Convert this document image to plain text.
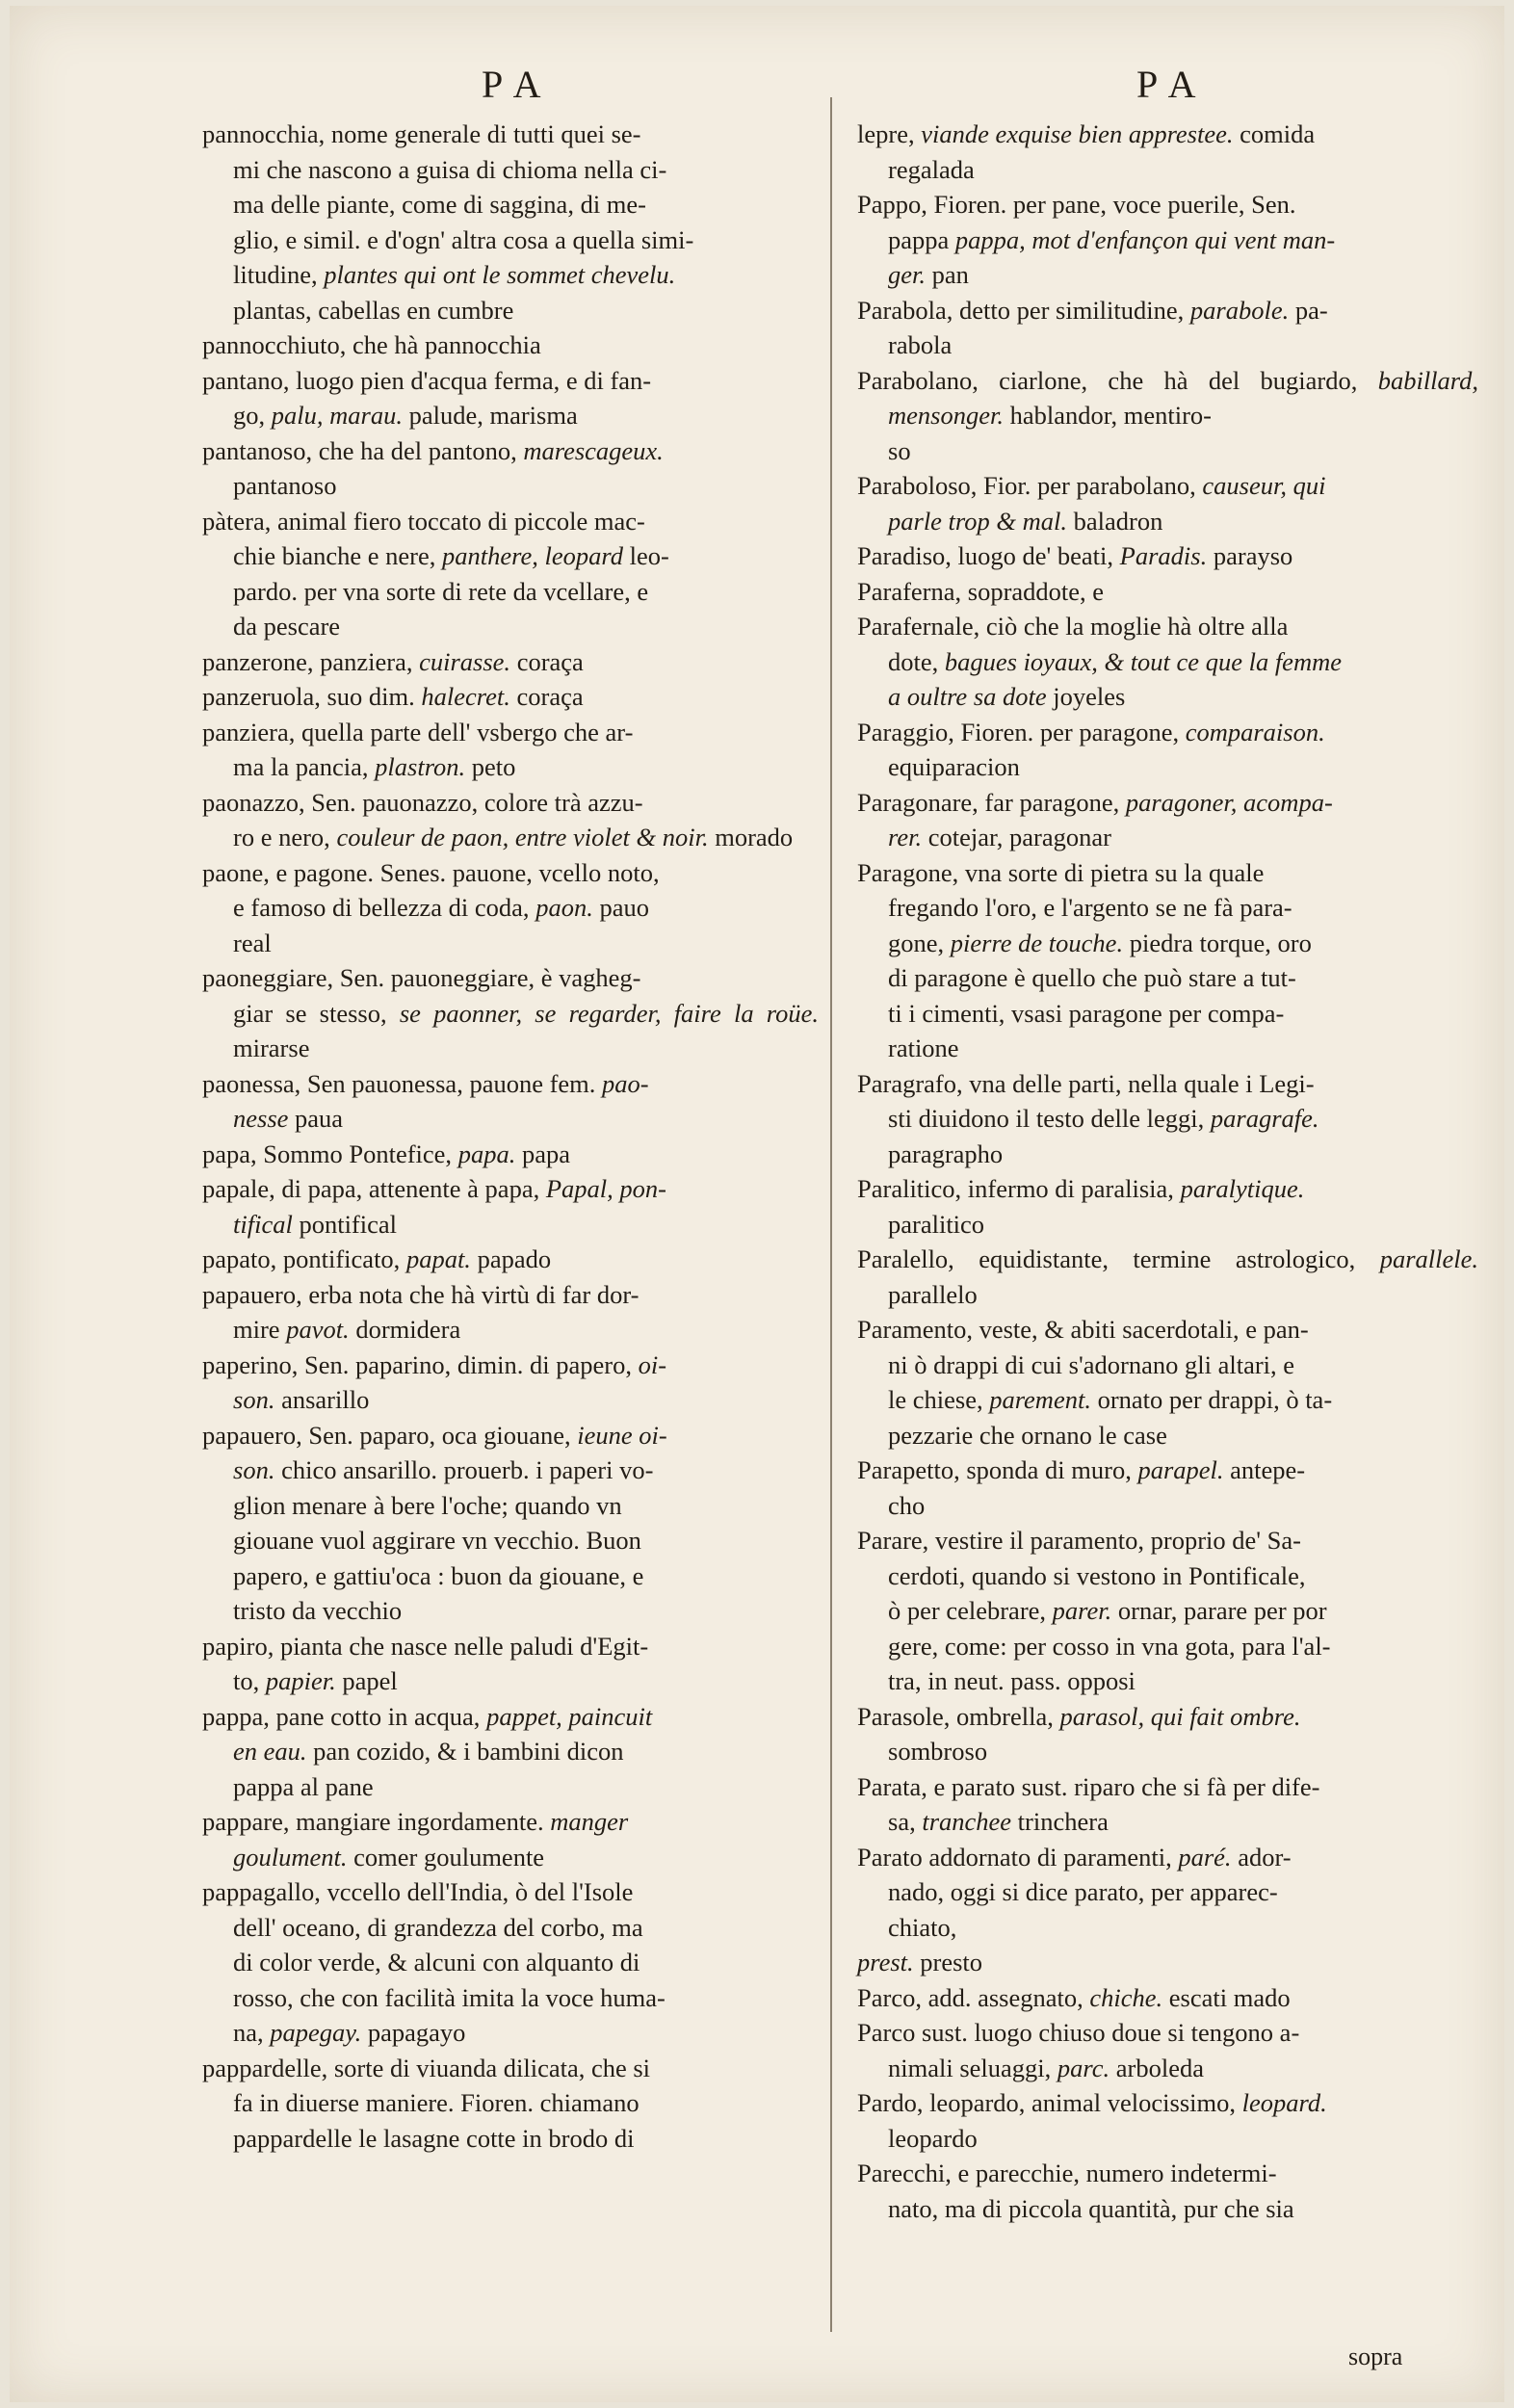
PA	PA
pannocchia, nome generale di tutti quei se-
mi che nascono a guisa di chioma nella ci-
ma delle piante, come di saggina, di me-
glio, e simil. e d'ogn' altra cosa a quella simi-
litudine, plantes qui ont le sommet chevelu.
plantas, cabellas en cumbre
pannocchiuto, che hà pannocchia
pantano, luogo pien d'acqua ferma, e di fan-
go, palu, marau. palude, marisma
pantanoso, che ha del pantono, marescageux.
pantanoso
pàtera, animal fiero toccato di piccole mac-
chie bianche e nere, panthere, leopard leo-
pardo. per vna sorte di rete da vcellare, e
da pescare
panzerone, panziera, cuirasse. coraça
panzeruola, suo dim. halecret. coraça
panziera, quella parte dell' vsbergo che ar-
ma la pancia, plastron. peto
paonazzo, Sen. pauonazzo, colore trà azzu-
ro e nero, couleur de paon, entre violet & noir. morado
paone, e pagone. Senes. pauone, vcello noto,
e famoso di bellezza di coda, paon. pauo
real
paoneggiare, Sen. pauoneggiare, è vagheg-
giar se stesso, se paonner, se regarder, faire la roüe. mirarse
paonessa, Sen pauonessa, pauone fem. pao-
nesse paua
papa, Sommo Pontefice, papa. papa
papale, di papa, attenente à papa, Papal, pon-
tifical pontifical
papato, pontificato, papat. papado
papauero, erba nota che hà virtù di far dor-
mire pavot. dormidera
paperino, Sen. paparino, dimin. di papero, oi-
son. ansarillo
papauero, Sen. paparo, oca giouane, ieune oi-
son. chico ansarillo. prouerb. i paperi vo-
glion menare à bere l'oche; quando vn
giouane vuol aggirare vn vecchio. Buon
papero, e gattiu'oca : buon da giouane, e
tristo da vecchio
papiro, pianta che nasce nelle paludi d'Egit-
to, papier. papel
pappa, pane cotto in acqua, pappet, paincuit
en eau. pan cozido, & i bambini dicon
pappa al pane
pappare, mangiare ingordamente. manger
goulument. comer goulumente
pappagallo, vccello dell'India, ò del l'Isole
dell' oceano, di grandezza del corbo, ma
di color verde, & alcuni con alquanto di
rosso, che con facilità imita la voce huma-
na, papegay. papagayo
pappardelle, sorte di viuanda dilicata, che si
fa in diuerse maniere. Fioren. chiamano
pappardelle le lasagne cotte in brodo di
lepre, viande exquise bien apprestee. comida
regalada
Pappo, Fioren. per pane, voce puerile, Sen.
pappa pappa, mot d'enfançon qui vent man-
ger. pan
Parabola, detto per similitudine, parabole. pa-
rabola
Parabolano, ciarlone, che hà del bugiardo, babillard, mensonger. hablandor, mentiro-
so
Paraboloso, Fior. per parabolano, causeur, qui
parle trop & mal. baladron
Paradiso, luogo de' beati, Paradis. parayso
Paraferna, sopraddote, e
Parafernale, ciò che la moglie hà oltre alla
dote, bagues ioyaux, & tout ce que la femme
a oultre sa dote joyeles
Paraggio, Fioren. per paragone, comparaison.
equiparacion
Paragonare, far paragone, paragoner, acompa-
rer. cotejar, paragonar
Paragone, vna sorte di pietra su la quale
fregando l'oro, e l'argento se ne fà para-
gone, pierre de touche. piedra torque, oro
di paragone è quello che può stare a tut-
ti i cimenti, vsasi paragone per compa-
ratione
Paragrafo, vna delle parti, nella quale i Legi-
sti diuidono il testo delle leggi, paragrafe.
paragrapho
Paralitico, infermo di paralisia, paralytique.
paralitico
Paralello, equidistante, termine astrologico, parallele. parallelo
Paramento, veste, & abiti sacerdotali, e pan-
ni ò drappi di cui s'adornano gli altari, e
le chiese, parement. ornato per drappi, ò ta-
pezzarie che ornano le case
Parapetto, sponda di muro, parapel. antepe-
cho
Parare, vestire il paramento, proprio de' Sa-
cerdoti, quando si vestono in Pontificale,
ò per celebrare, parer. ornar, parare per por
gere, come: per cosso in vna gota, para l'al-
tra, in neut. pass. opposi
Parasole, ombrella, parasol, qui fait ombre.
sombroso
Parata, e parato sust. riparo che si fà per dife-
sa, tranchee trinchera
Parato addornato di paramenti, paré. ador-
nado, oggi si dice parato, per apparec-
chiato,
prest. presto
Parco, add. assegnato, chiche. escati mado
Parco sust. luogo chiuso doue si tengono a-
nimali seluaggi, parc. arboleda
Pardo, leopardo, animal velocissimo, leopard.
leopardo
Parecchi, e parecchie, numero indetermi-
nato, ma di piccola quantità, pur che sia
sopra
